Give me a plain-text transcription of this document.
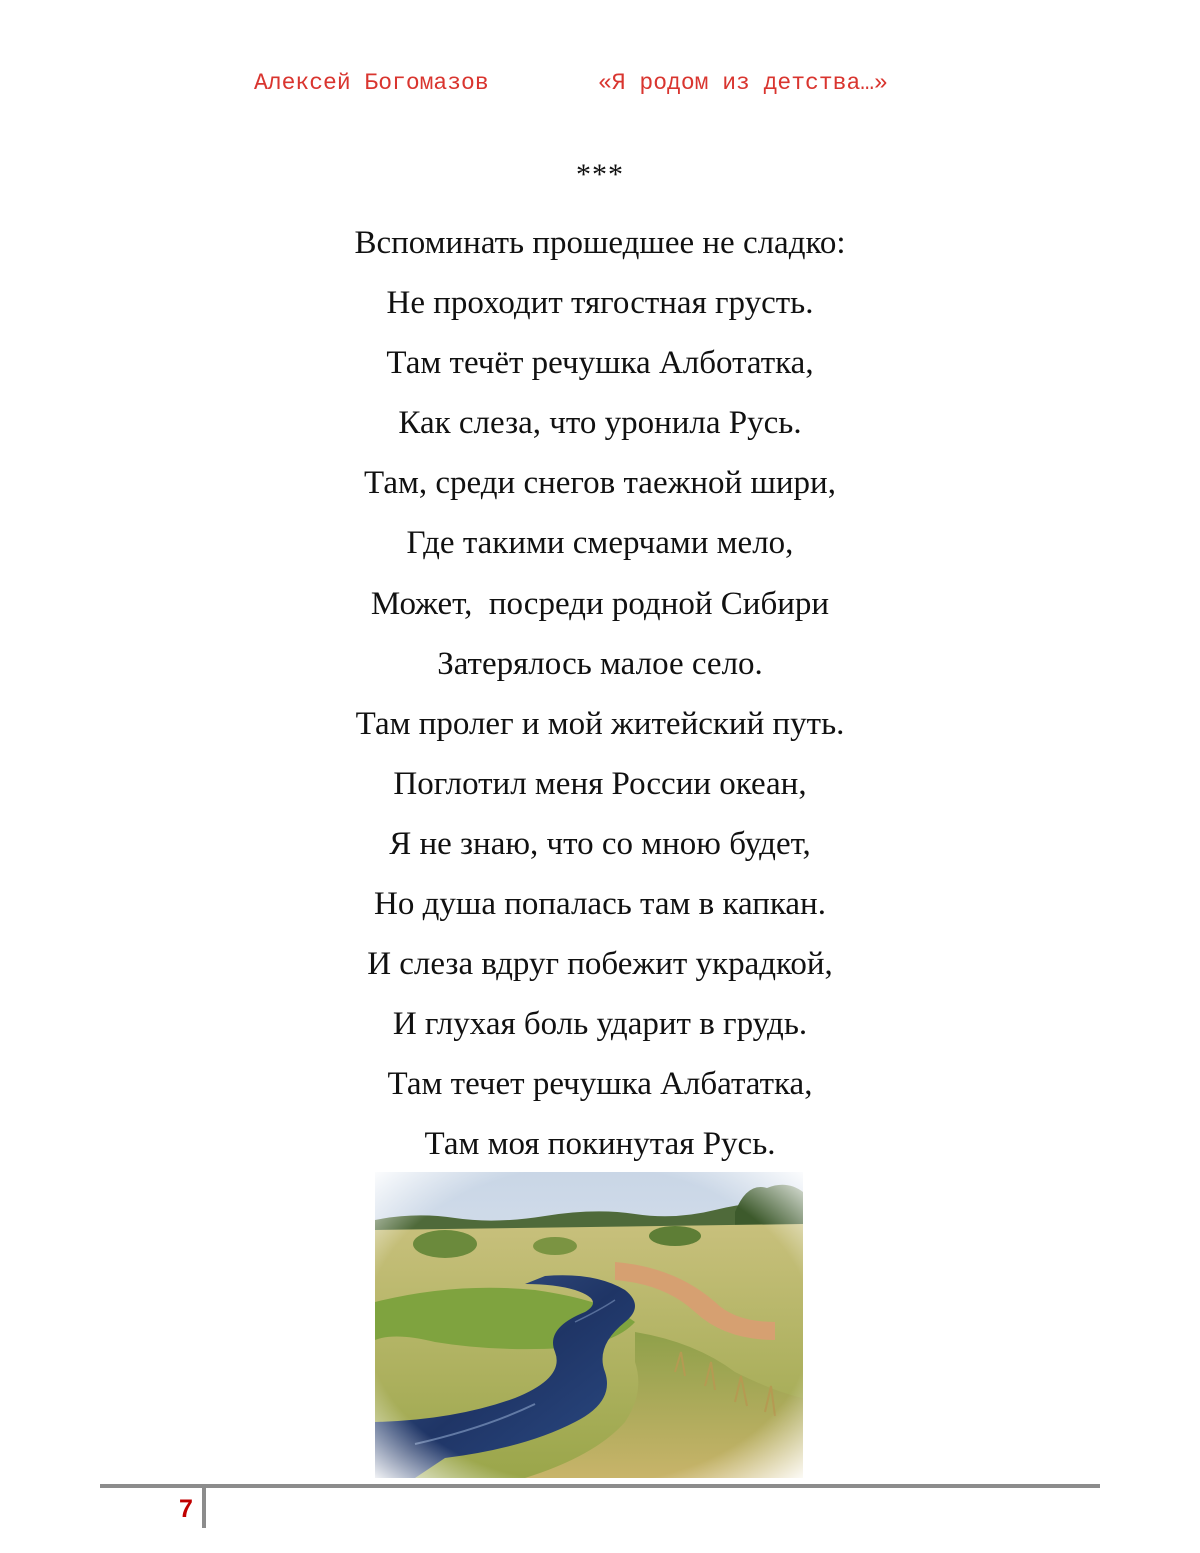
Алексей Богомазов	«Я родом из детства…»
***
Вспоминать прошедшее не сладко:
Не проходит тягостная грусть.
Там течёт речушка Алботатка,
Как слеза, что уронила Русь.
Там, среди снегов таежной шири,
Где такими смерчами мело,
Может,  посреди родной Сибири
Затерялось малое село.
Там пролег и мой житейский путь.
Поглотил меня России океан,
Я не знаю, что со мною будет,
Но душа попалась там в капкан.
И слеза вдруг побежит украдкой,
И глухая боль ударит в грудь.
Там течет речушка Албататка,
Там моя покинутая Русь.
7
